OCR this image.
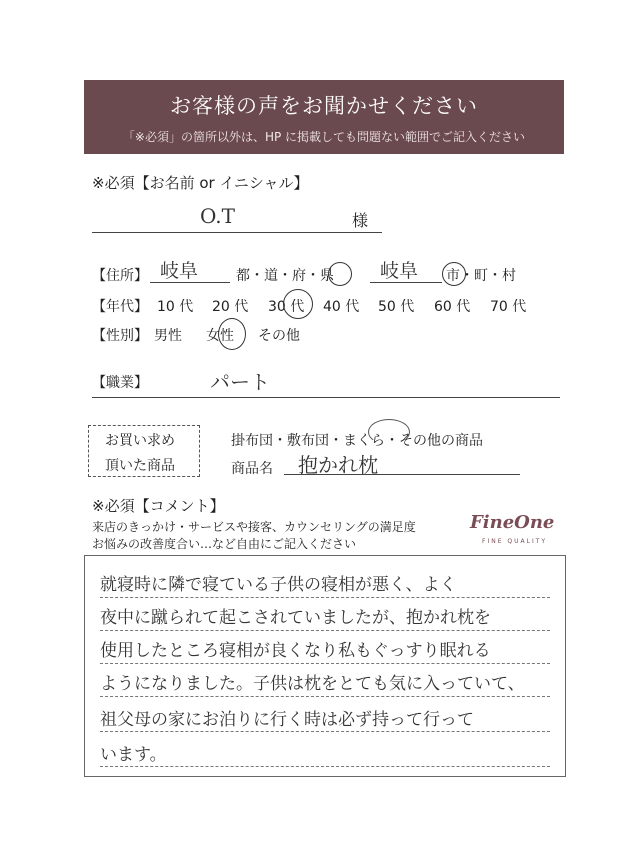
お客様の声をお聞かせください
「※必須」の箇所以外は、HP に掲載しても問題ない範囲でご記入ください
※必須【お名前 or イニシャル】
O.T	様
【住所】 岐阜	都・道・府・県 岐阜 市・町・村
【年代】 10 代 20 代 30 代 40 代 50 代 60 代 70 代
【性別】 男性 女性 その他
【職業】	パート
お買い求め
頂いた商品
掛布団・敷布団・まくら・その他の商品
商品名 抱かれ枕
※必須【コメント】
来店のきっかけ・サービスや接客、カウンセリングの満足度
お悩みの改善度合い…など自由にご記入ください
FineOne
FINE QUALITY
就寝時に隣で寝ている子供の寝相が悪く、よく
夜中に蹴られて起こされていましたが、抱かれ枕を
使用したところ寝相が良くなり私もぐっすり眠れる
ようになりました。子供は枕をとても気に入っていて、
祖父母の家にお泊りに行く時は必ず持って行って
います。
